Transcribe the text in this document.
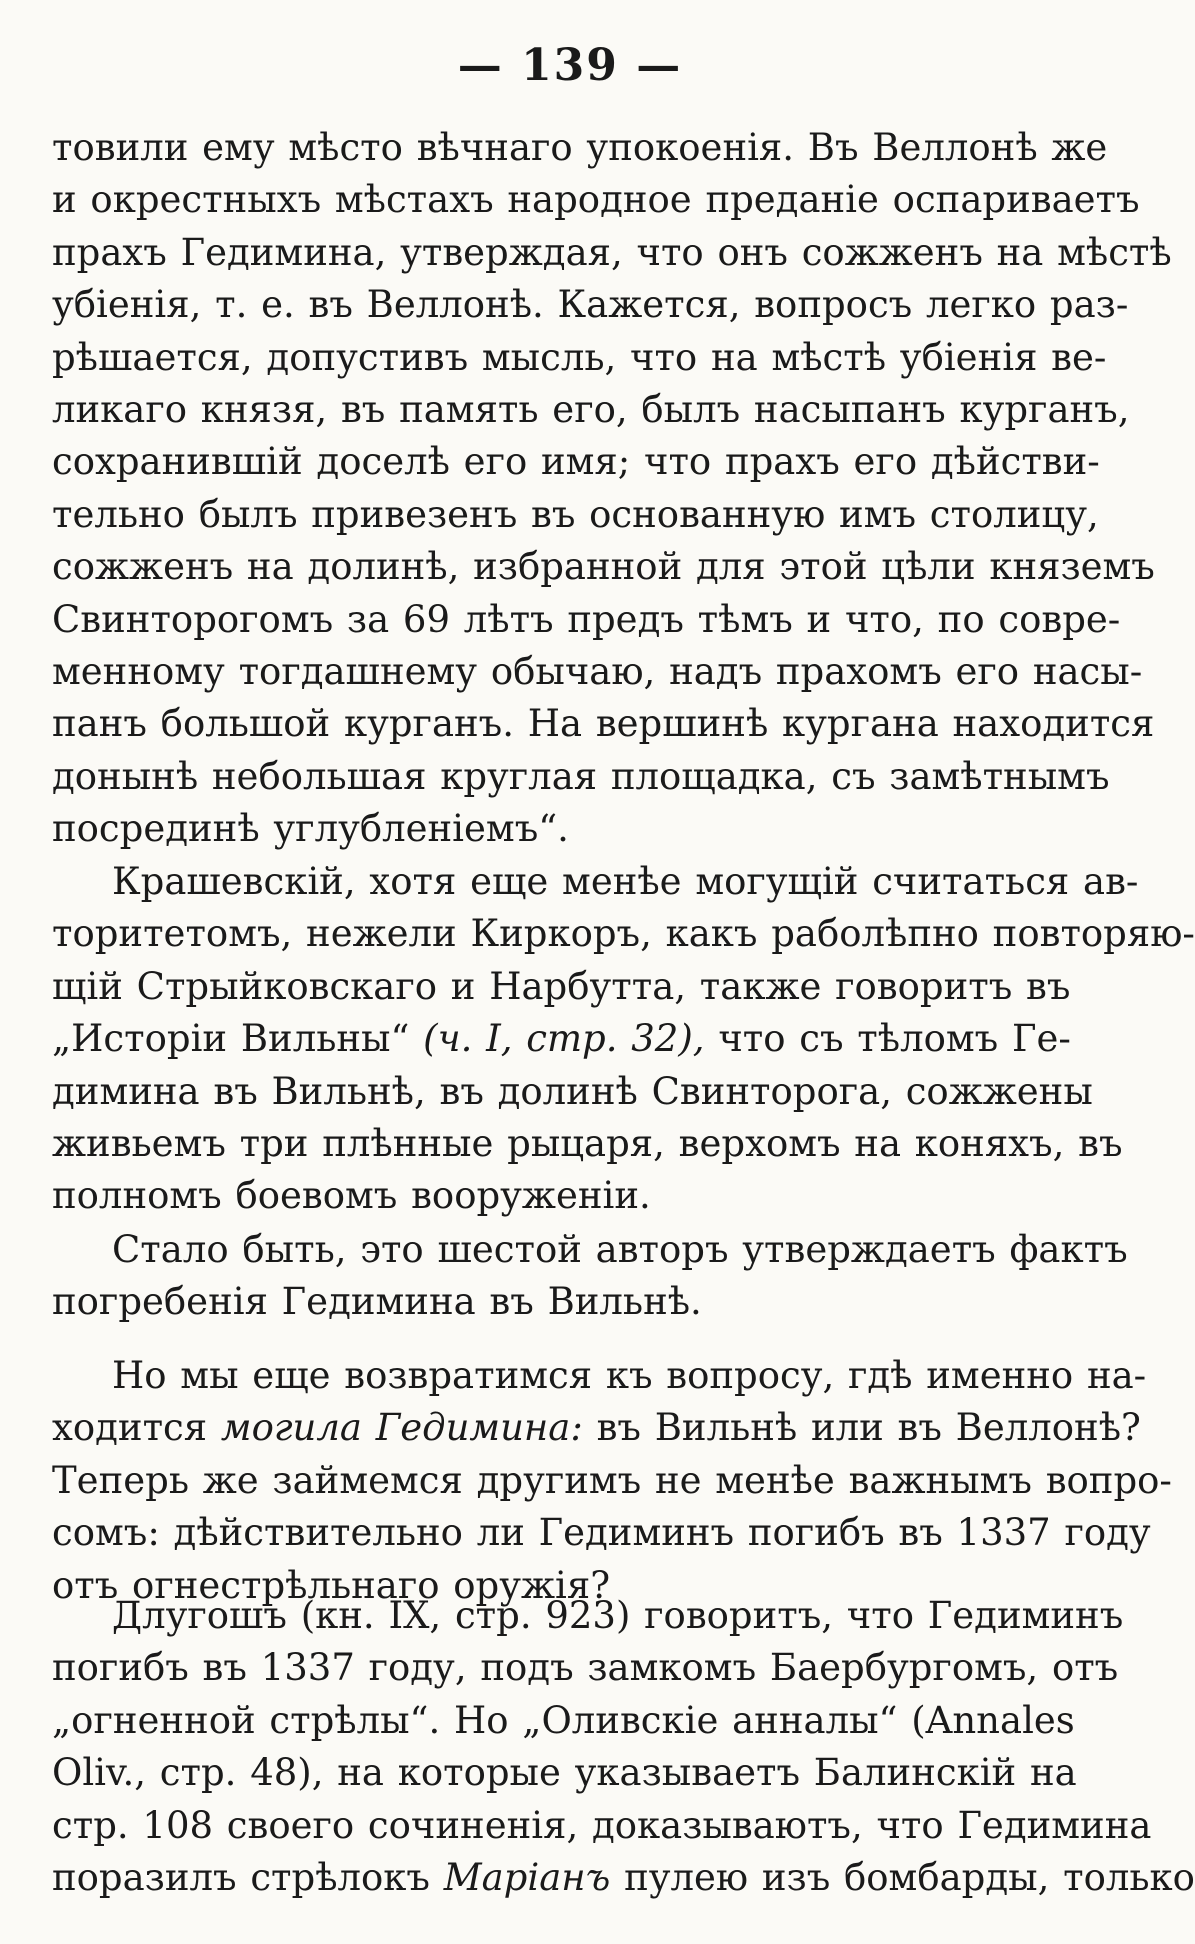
— 139 —
товили ему мѣсто вѣчнаго упокоенія. Въ Веллонѣ же
и окрестныхъ мѣстахъ народное преданіе оспариваетъ
прахъ Гедимина, утверждая, что онъ сожженъ на мѣстѣ
убіенія, т. е. въ Веллонѣ. Кажется, вопросъ легко раз-
рѣшается, допустивъ мысль, что на мѣстѣ убіенія ве-
ликаго князя, въ память его, былъ насыпанъ курганъ,
сохранившій доселѣ его имя; что прахъ его дѣйстви-
тельно былъ привезенъ въ основанную имъ столицу,
сожженъ на долинѣ, избранной для этой цѣли княземъ
Свинторогомъ за 69 лѣтъ предъ тѣмъ и что, по совре-
менному тогдашнему обычаю, надъ прахомъ его насы-
панъ большой курганъ. На вершинѣ кургана находится
донынѣ небольшая круглая площадка, съ замѣтнымъ
посрединѣ углубленіемъ“.
Крашевскій, хотя еще менѣе могущій считаться ав-
торитетомъ, нежели Киркоръ, какъ раболѣпно повторяю-
щій Стрыйковскаго и Нарбутта, также говоритъ въ
„Исторіи Вильны“ (ч. I, стр. 32), что съ тѣломъ Ге-
димина въ Вильнѣ, въ долинѣ Свинторога, сожжены
живьемъ три плѣнные рыцаря, верхомъ на коняхъ, въ
полномъ боевомъ вооруженіи.
Стало быть, это шестой авторъ утверждаетъ фактъ
погребенія Гедимина въ Вильнѣ.
Но мы еще возвратимся къ вопросу, гдѣ именно на-
ходится могила Гедимина: въ Вильнѣ или въ Веллонѣ?
Теперь же займемся другимъ не менѣе важнымъ вопро-
сомъ: дѣйствительно ли Гедиминъ погибъ въ 1337 году
отъ огнестрѣльнаго оружія?
Длугошъ (кн. IX, стр. 923) говоритъ, что Гедиминъ
погибъ въ 1337 году, подъ замкомъ Баербургомъ, отъ
„огненной стрѣлы“. Но „Оливскіе анналы“ (Annales
Oliv., стр. 48), на которые указываетъ Балинскій на
стр. 108 своего сочиненія, доказываютъ, что Гедимина
поразилъ стрѣлокъ Маріанъ пулею изъ бомбарды, только
